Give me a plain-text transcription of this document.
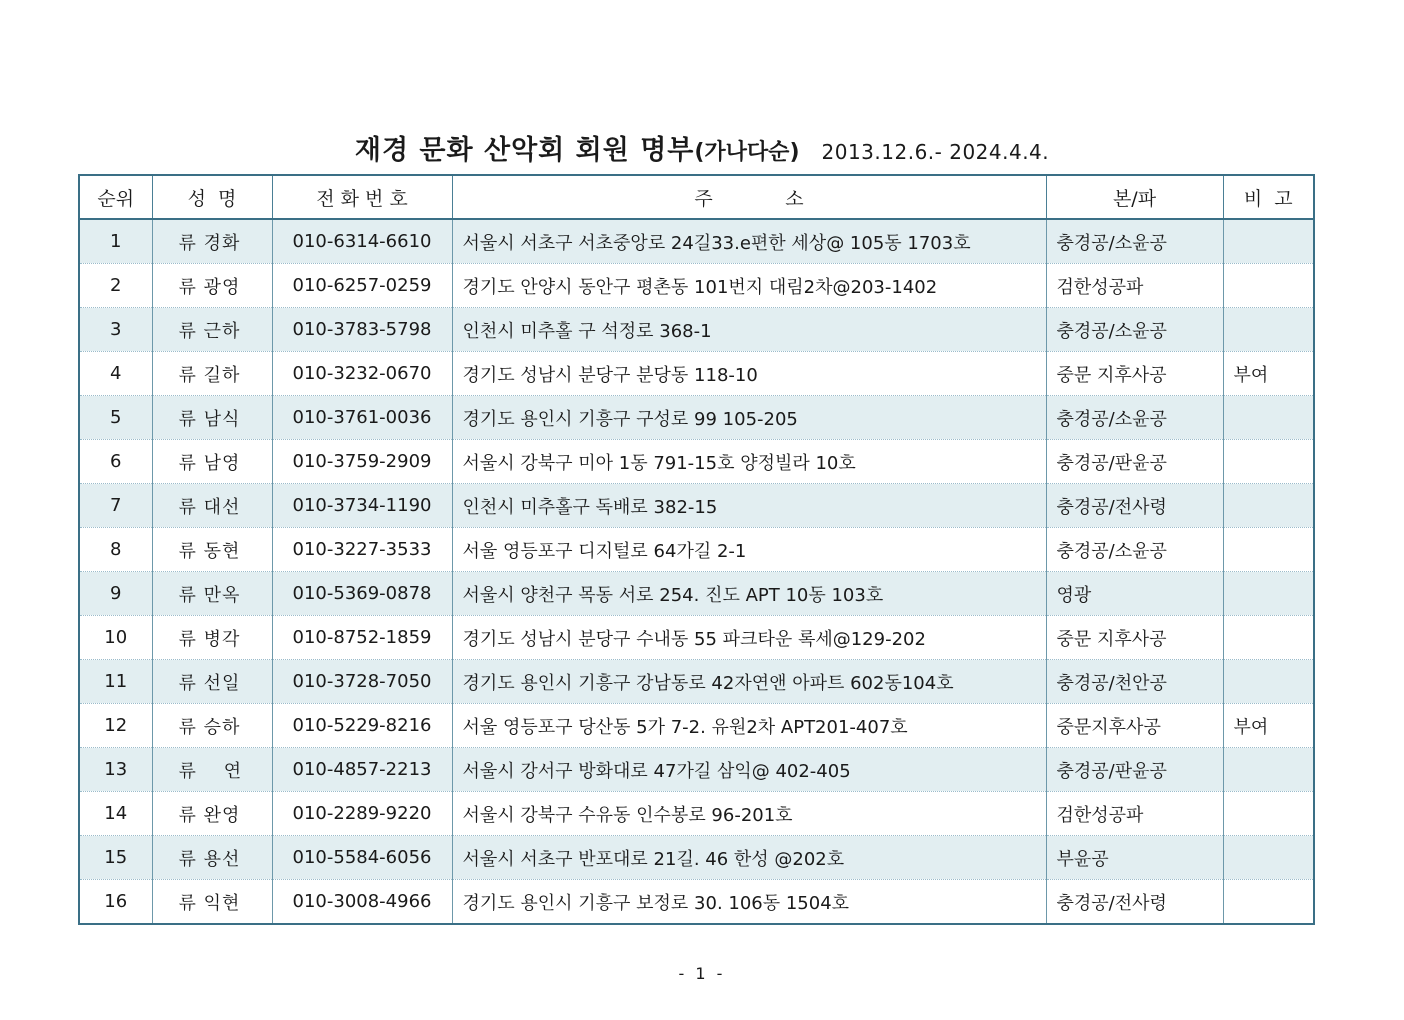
재경 문화 산악회 회원 명부(가나다순) 2013.12.6.- 2024.4.4.
순위	성  명	전 화 번 호	주            소	본/파	비  고
1	류 경화	010-6314-6610	서울시 서초구 서초중앙로 24길33.e편한 세상@ 105동 1703호	충경공/소윤공	
2	류 광영	010-6257-0259	경기도 안양시 동안구 평촌동 101번지 대림2차@203-1402	검한성공파	
3	류 근하	010-3783-5798	인천시 미추홀 구 석정로 368-1	충경공/소윤공	
4	류 길하	010-3232-0670	경기도 성남시 분당구 분당동 118-10	중문 지후사공	부여
5	류 남식	010-3761-0036	경기도 용인시 기흥구 구성로 99 105-205	충경공/소윤공	
6	류 남영	010-3759-2909	서울시 강북구 미아 1동 791-15호 양정빌라 10호	충경공/판윤공	
7	류 대선	010-3734-1190	인천시 미추홀구 독배로 382-15	충경공/전사령	
8	류 동현	010-3227-3533	서울 영등포구 디지털로 64가길 2-1	충경공/소윤공	
9	류 만옥	010-5369-0878	서울시 양천구 목동 서로 254. 진도 APT 10동 103호	영광	
10	류 병각	010-8752-1859	경기도 성남시 분당구 수내동 55 파크타운 록세@129-202	중문 지후사공	
11	류 선일	010-3728-7050	경기도 용인시 기흥구 강남동로 42자연앤 아파트 602동104호	충경공/천안공	
12	류 승하	010-5229-8216	서울 영등포구 당산동 5가 7-2. 유원2차 APT201-407호	중문지후사공	부여
13	류    연	010-4857-2213	서울시 강서구 방화대로 47가길 삼익@ 402-405	충경공/판윤공	
14	류 완영	010-2289-9220	서울시 강북구 수유동 인수봉로 96-201호	검한성공파	
15	류 용선	010-5584-6056	서울시 서초구 반포대로 21길. 46 한성 @202호	부윤공	
16	류 익현	010-3008-4966	경기도 용인시 기흥구 보정로 30. 106동 1504호	충경공/전사령	
- 1 -
